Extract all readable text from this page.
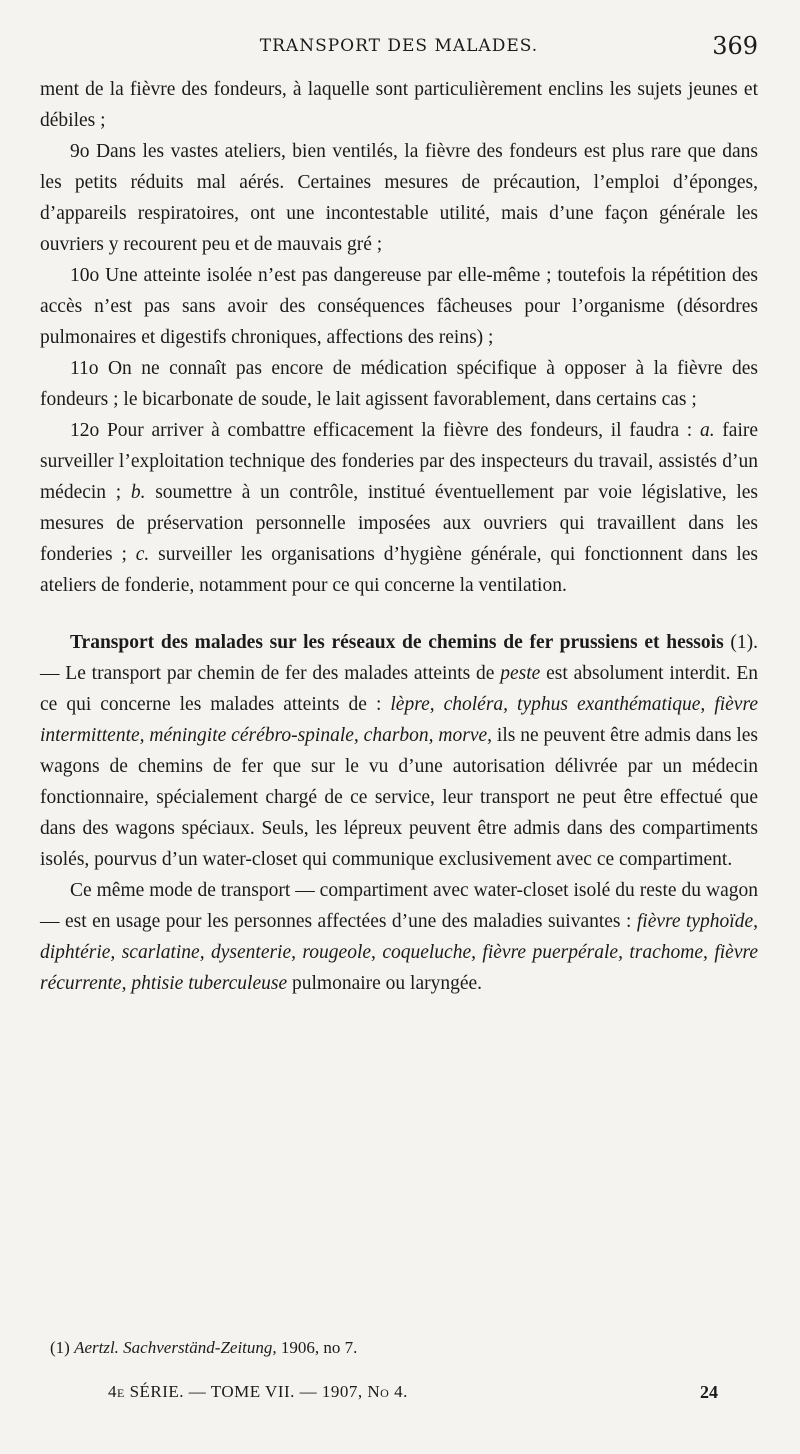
TRANSPORT DES MALADES.	369

ment de la fièvre des fondeurs, à laquelle sont particulièrement enclins les sujets jeunes et débiles ;

9o Dans les vastes ateliers, bien ventilés, la fièvre des fondeurs est plus rare que dans les petits réduits mal aérés. Certaines mesures de précaution, l’emploi d’éponges, d’appareils respiratoires, ont une incontestable utilité, mais d’une façon générale les ouvriers y recourent peu et de mauvais gré ;

10o Une atteinte isolée n’est pas dangereuse par elle-même ; toutefois la répétition des accès n’est pas sans avoir des conséquences fâcheuses pour l’organisme (désordres pulmonaires et digestifs chroniques, affections des reins) ;

11o On ne connaît pas encore de médication spécifique à opposer à la fièvre des fondeurs ; le bicarbonate de soude, le lait agissent favorablement, dans certains cas ;

12o Pour arriver à combattre efficacement la fièvre des fondeurs, il faudra : a. faire surveiller l’exploitation technique des fonderies par des inspecteurs du travail, assistés d’un médecin ; b. soumettre à un contrôle, institué éventuellement par voie législative, les mesures de préservation personnelle imposées aux ouvriers qui travaillent dans les fonderies ; c. surveiller les organisations d’hygiène générale, qui fonctionnent dans les ateliers de fonderie, notamment pour ce qui concerne la ventilation.

Transport des malades sur les réseaux de chemins de fer prussiens et hessois (1). — Le transport par chemin de fer des malades atteints de peste est absolument interdit. En ce qui concerne les malades atteints de : lèpre, choléra, typhus exanthématique, fièvre intermittente, méningite cérébro-spinale, charbon, morve, ils ne peuvent être admis dans les wagons de chemins de fer que sur le vu d’une autorisation délivrée par un médecin fonctionnaire, spécialement chargé de ce service, leur transport ne peut être effectué que dans des wagons spéciaux. Seuls, les lépreux peuvent être admis dans des compartiments isolés, pourvus d’un water-closet qui communique exclusivement avec ce compartiment.

Ce même mode de transport — compartiment avec water-closet isolé du reste du wagon — est en usage pour les personnes affectées d’une des maladies suivantes : fièvre typhoïde, diphtérie, scarlatine, dysenterie, rougeole, coqueluche, fièvre puerpérale, trachome, fièvre récurrente, phtisie tuberculeuse pulmonaire ou laryngée.

(1) Aertzl. Sachverständ-Zeitung, 1906, no 7.
4e SÉRIE. — TOME VII. — 1907, No 4.	24
